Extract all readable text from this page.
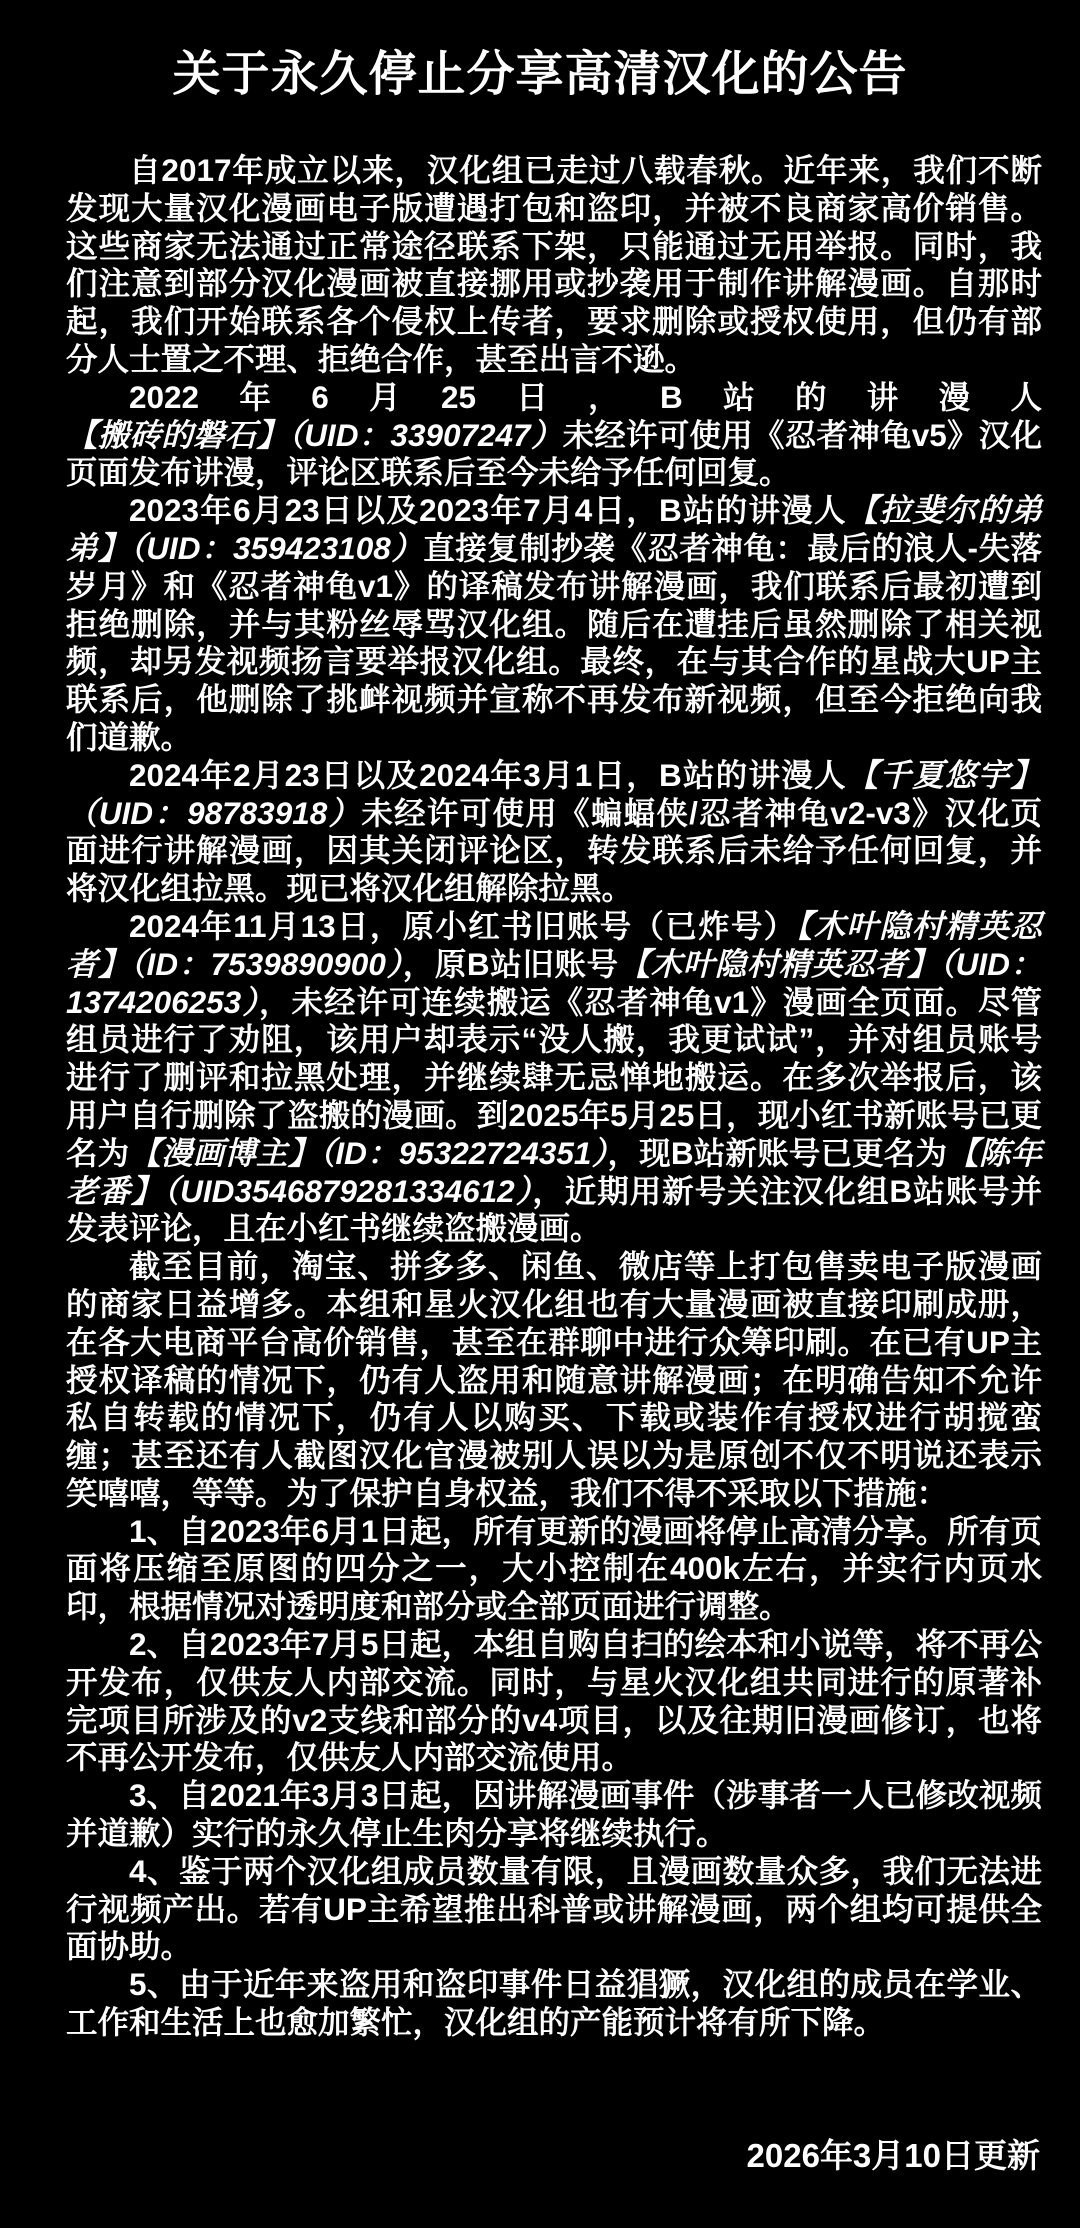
关于永久停止分享高清汉化的公告

自2017年成立以来，汉化组已走过八载春秋。近年来，我们不断发现大量汉化漫画电子版遭遇打包和盗印，并被不良商家高价销售。这些商家无法通过正常途径联系下架，只能通过无用举报。同时，我们注意到部分汉化漫画被直接挪用或抄袭用于制作讲解漫画。自那时起，我们开始联系各个侵权上传者，要求删除或授权使用，但仍有部分人士置之不理、拒绝合作，甚至出言不逊。

2022年6月25日，B站的讲漫人【搬砖的磐石】（UID：33907247）未经许可使用《忍者神龟v5》汉化页面发布讲漫，评论区联系后至今未给予任何回复。

2023年6月23日以及2023年7月4日，B站的讲漫人【拉斐尔的弟弟】（UID：359423108）直接复制抄袭《忍者神龟：最后的浪人-失落岁月》和《忍者神龟v1》的译稿发布讲解漫画，我们联系后最初遭到拒绝删除，并与其粉丝辱骂汉化组。随后在遭挂后虽然删除了相关视频，却另发视频扬言要举报汉化组。最终，在与其合作的星战大UP主联系后，他删除了挑衅视频并宣称不再发布新视频，但至今拒绝向我们道歉。

2024年2月23日以及2024年3月1日，B站的讲漫人【千夏悠宇】（UID：98783918）未经许可使用《蝙蝠侠/忍者神龟v2-v3》汉化页面进行讲解漫画，因其关闭评论区，转发联系后未给予任何回复，并将汉化组拉黑。现已将汉化组解除拉黑。

2024年11月13日，原小红书旧账号（已炸号）【木叶隐村精英忍者】（ID：7539890900），原B站旧账号【木叶隐村精英忍者】（UID：1374206253），未经许可连续搬运《忍者神龟v1》漫画全页面。尽管组员进行了劝阻，该用户却表示“没人搬，我更试试”，并对组员账号进行了删评和拉黑处理，并继续肆无忌惮地搬运。在多次举报后，该用户自行删除了盗搬的漫画。到2025年5月25日，现小红书新账号已更名为【漫画博主】（ID：95322724351），现B站新账号已更名为【陈年老番】（UID3546879281334612），近期用新号关注汉化组B站账号并发表评论，且在小红书继续盗搬漫画。

截至目前，淘宝、拼多多、闲鱼、微店等上打包售卖电子版漫画的商家日益增多。本组和星火汉化组也有大量漫画被直接印刷成册，在各大电商平台高价销售，甚至在群聊中进行众筹印刷。在已有UP主授权译稿的情况下，仍有人盗用和随意讲解漫画；在明确告知不允许私自转载的情况下，仍有人以购买、下载或装作有授权进行胡搅蛮缠；甚至还有人截图汉化官漫被别人误以为是原创不仅不明说还表示笑嘻嘻，等等。为了保护自身权益，我们不得不采取以下措施：

1、自2023年6月1日起，所有更新的漫画将停止高清分享。所有页面将压缩至原图的四分之一，大小控制在400k左右，并实行内页水印，根据情况对透明度和部分或全部页面进行调整。

2、自2023年7月5日起，本组自购自扫的绘本和小说等，将不再公开发布，仅供友人内部交流。同时，与星火汉化组共同进行的原著补完项目所涉及的v2支线和部分的v4项目，以及往期旧漫画修订，也将不再公开发布，仅供友人内部交流使用。

3、自2021年3月3日起，因讲解漫画事件（涉事者一人已修改视频并道歉）实行的永久停止生肉分享将继续执行。

4、鉴于两个汉化组成员数量有限，且漫画数量众多，我们无法进行视频产出。若有UP主希望推出科普或讲解漫画，两个组均可提供全面协助。

5、由于近年来盗用和盗印事件日益猖獗，汉化组的成员在学业、工作和生活上也愈加繁忙，汉化组的产能预计将有所下降。

2026年3月10日更新
